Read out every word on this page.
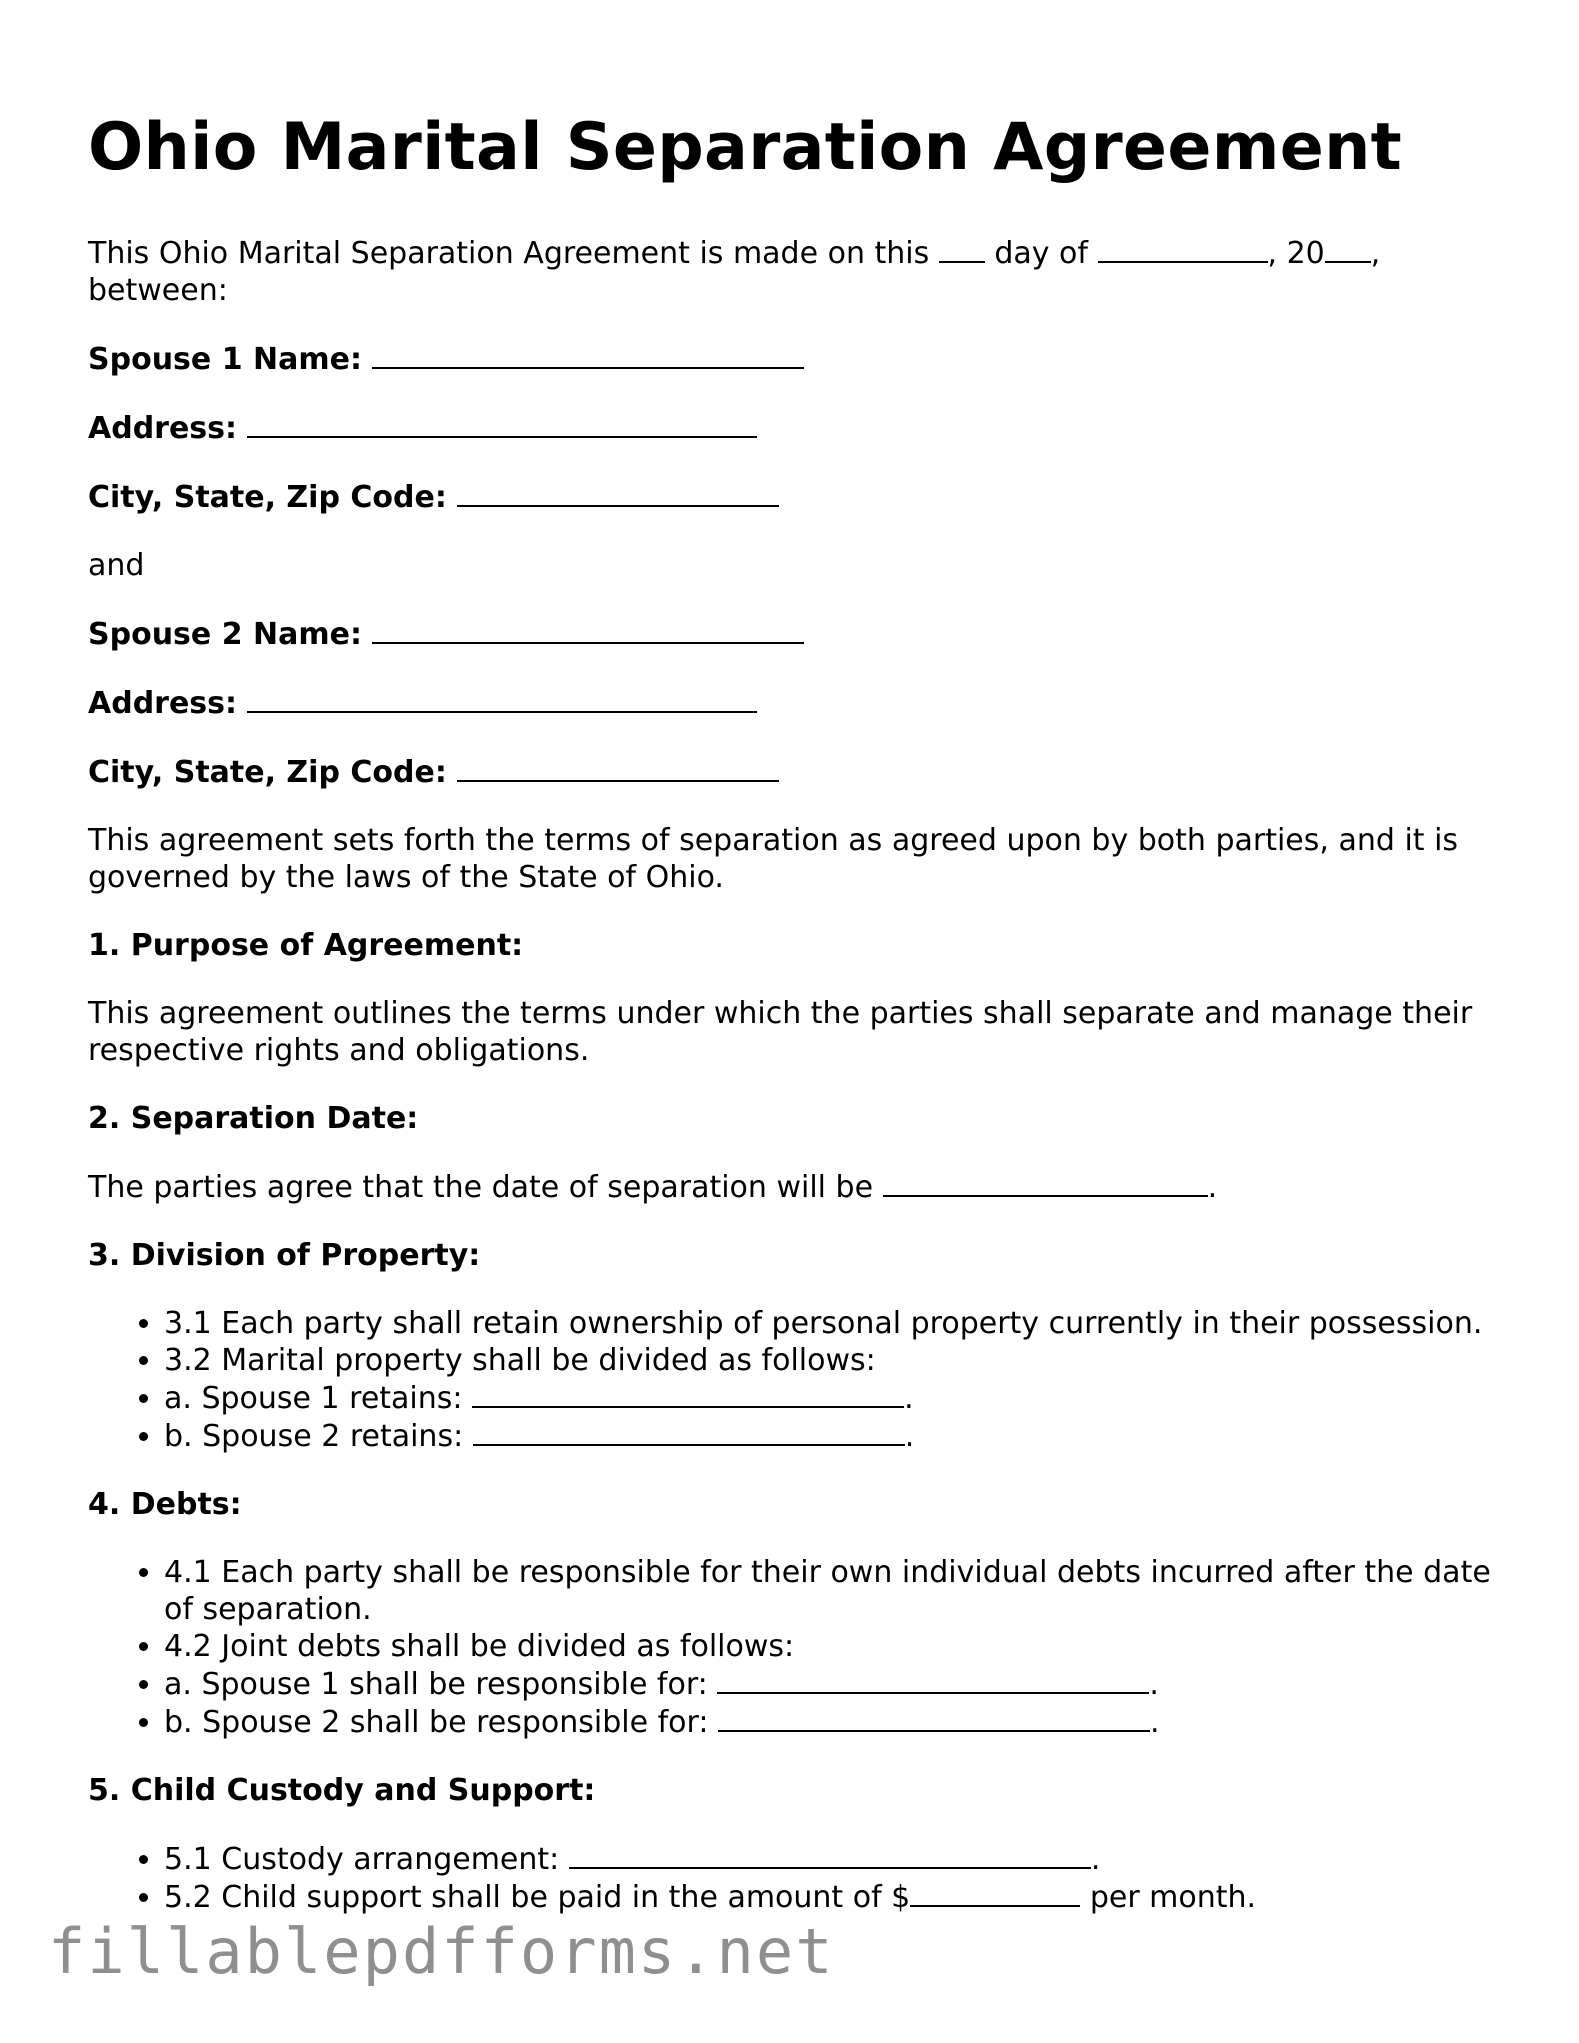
Ohio Marital Separation Agreement

This Ohio Marital Separation Agreement is made on this day of	, 20 , between:

Spouse 1 Name:

Address:

City, State, Zip Code:

and

Spouse 2 Name:

Address:

City, State, Zip Code:

This agreement sets forth the terms of separation as agreed upon by both parties, and it is governed by the laws of the State of Ohio.

1. Purpose of Agreement:

This agreement outlines the terms under which the parties shall separate and manage their respective rights and obligations.

2. Separation Date:

The parties agree that the date of separation will be	.

3. Division of Property:

• 3.1 Each party shall retain ownership of personal property currently in their possession.
• 3.2 Marital property shall be divided as follows:
• a. Spouse 1 retains:	.
• b. Spouse 2 retains:	.

4. Debts:

• 4.1 Each party shall be responsible for their own individual debts incurred after the date of separation.
• 4.2 Joint debts shall be divided as follows:
• a. Spouse 1 shall be responsible for:	.
• b. Spouse 2 shall be responsible for:	.

5. Child Custody and Support:

• 5.1 Custody arrangement:	.
• 5.2 Child support shall be paid in the amount of $	per month.
fillablepdfforms.net
